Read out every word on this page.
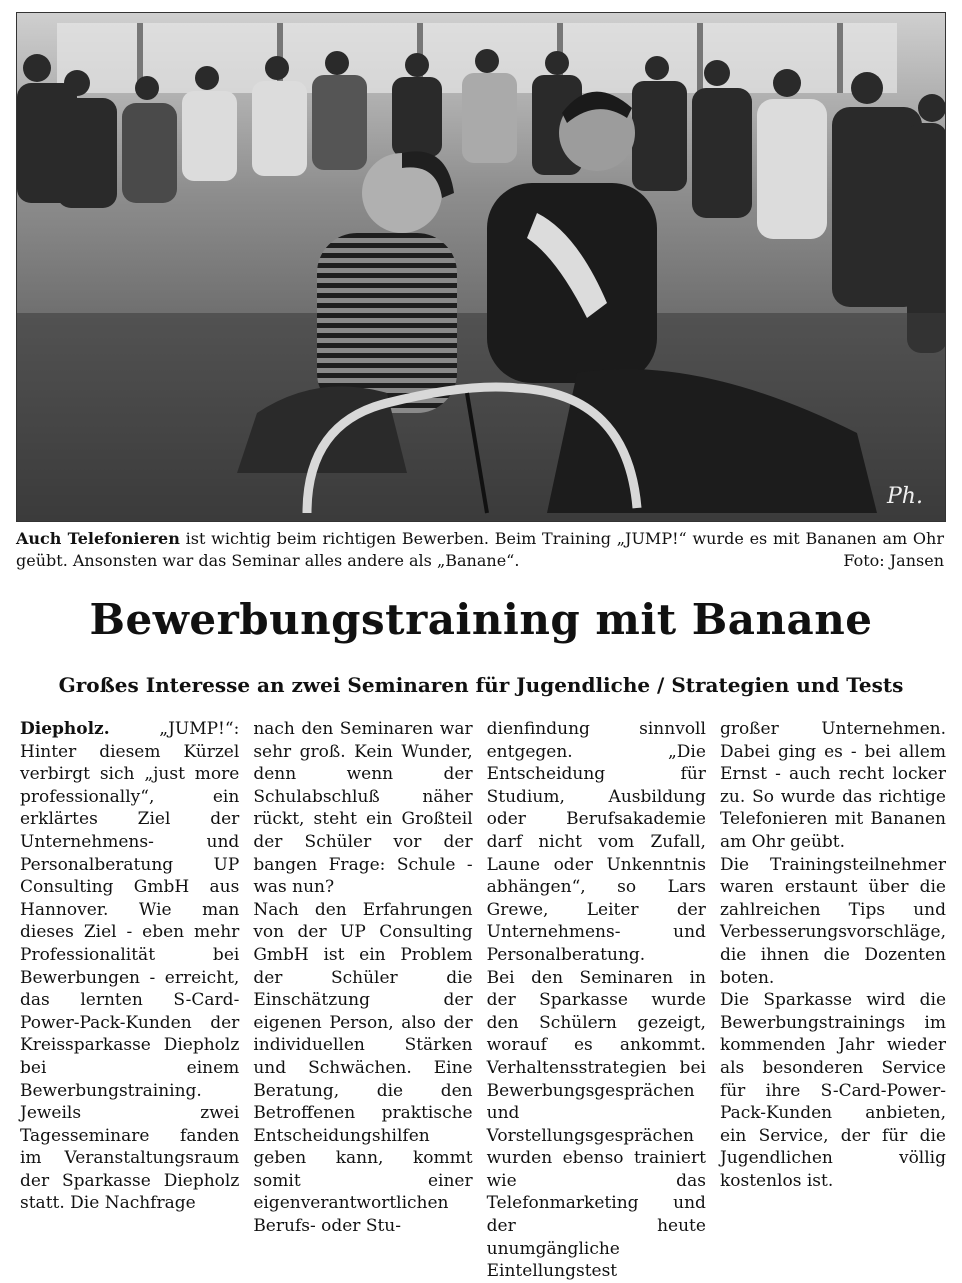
Ph.
Auch Telefonieren ist wichtig beim richtigen Bewerben. Beim Training „JUMP!“ wurde es mit Bananen am Ohr geübt. Ansonsten war das Seminar alles andere als „Banane“.	Foto: Jansen
Bewerbungstraining mit Banane
Großes Interesse an zwei Seminaren für Jugendliche / Strategien und Tests

Diepholz.	„JUMP!“: Hinter diesem Kürzel verbirgt sich „just more professionally“, ein erklärtes Ziel der Unternehmens- und Personalberatung UP Consulting GmbH aus Hannover. Wie man dieses Ziel - eben mehr Professionalität bei Bewerbungen - erreicht, das lernten S-Card-Power-Pack-Kunden der Kreissparkasse Diepholz bei einem Bewerbungstraining.

Jeweils zwei Tagesseminare fanden im Veranstaltungsraum der Sparkasse Diepholz statt. Die Nachfrage

nach den Seminaren war sehr groß. Kein Wunder, denn wenn der Schulabschluß näher rückt, steht ein Großteil der Schüler vor der bangen Frage: Schule - was nun?

Nach den Erfahrungen von der UP Consulting GmbH ist ein Problem der Schüler die Einschätzung der eigenen Person, also der individuellen Stärken und Schwächen. Eine Beratung, die den Betroffenen praktische Entscheidungshilfen geben kann, kommt somit einer eigenverantwortlichen Berufs- oder Stu-

dienfindung sinnvoll entgegen. „Die Entscheidung für Studium, Ausbildung oder Berufsakademie darf nicht vom Zufall, Laune oder Unkenntnis abhängen“, so Lars Grewe, Leiter der Unternehmens- und Personalberatung.

Bei den Seminaren in der Sparkasse wurde den Schülern gezeigt, worauf es ankommt. Verhaltensstrategien bei Bewerbungsgesprächen und Vorstellungsgesprächen wurden ebenso trainiert wie das Telefonmarketing und der heute unumgängliche Eintellungstest

großer Unternehmen. Dabei ging es - bei allem Ernst - auch recht locker zu. So wurde das richtige Telefonieren mit Bananen am Ohr geübt.

Die Trainingsteilnehmer waren erstaunt über die zahlreichen Tips und Verbesserungsvorschläge, die ihnen die Dozenten boten.

Die Sparkasse wird die Bewerbungstrainings im kommenden Jahr wieder als besonderen Service für ihre S-Card-Power-Pack-Kunden anbieten, ein Service, der für die Jugendlichen völlig kostenlos ist.
